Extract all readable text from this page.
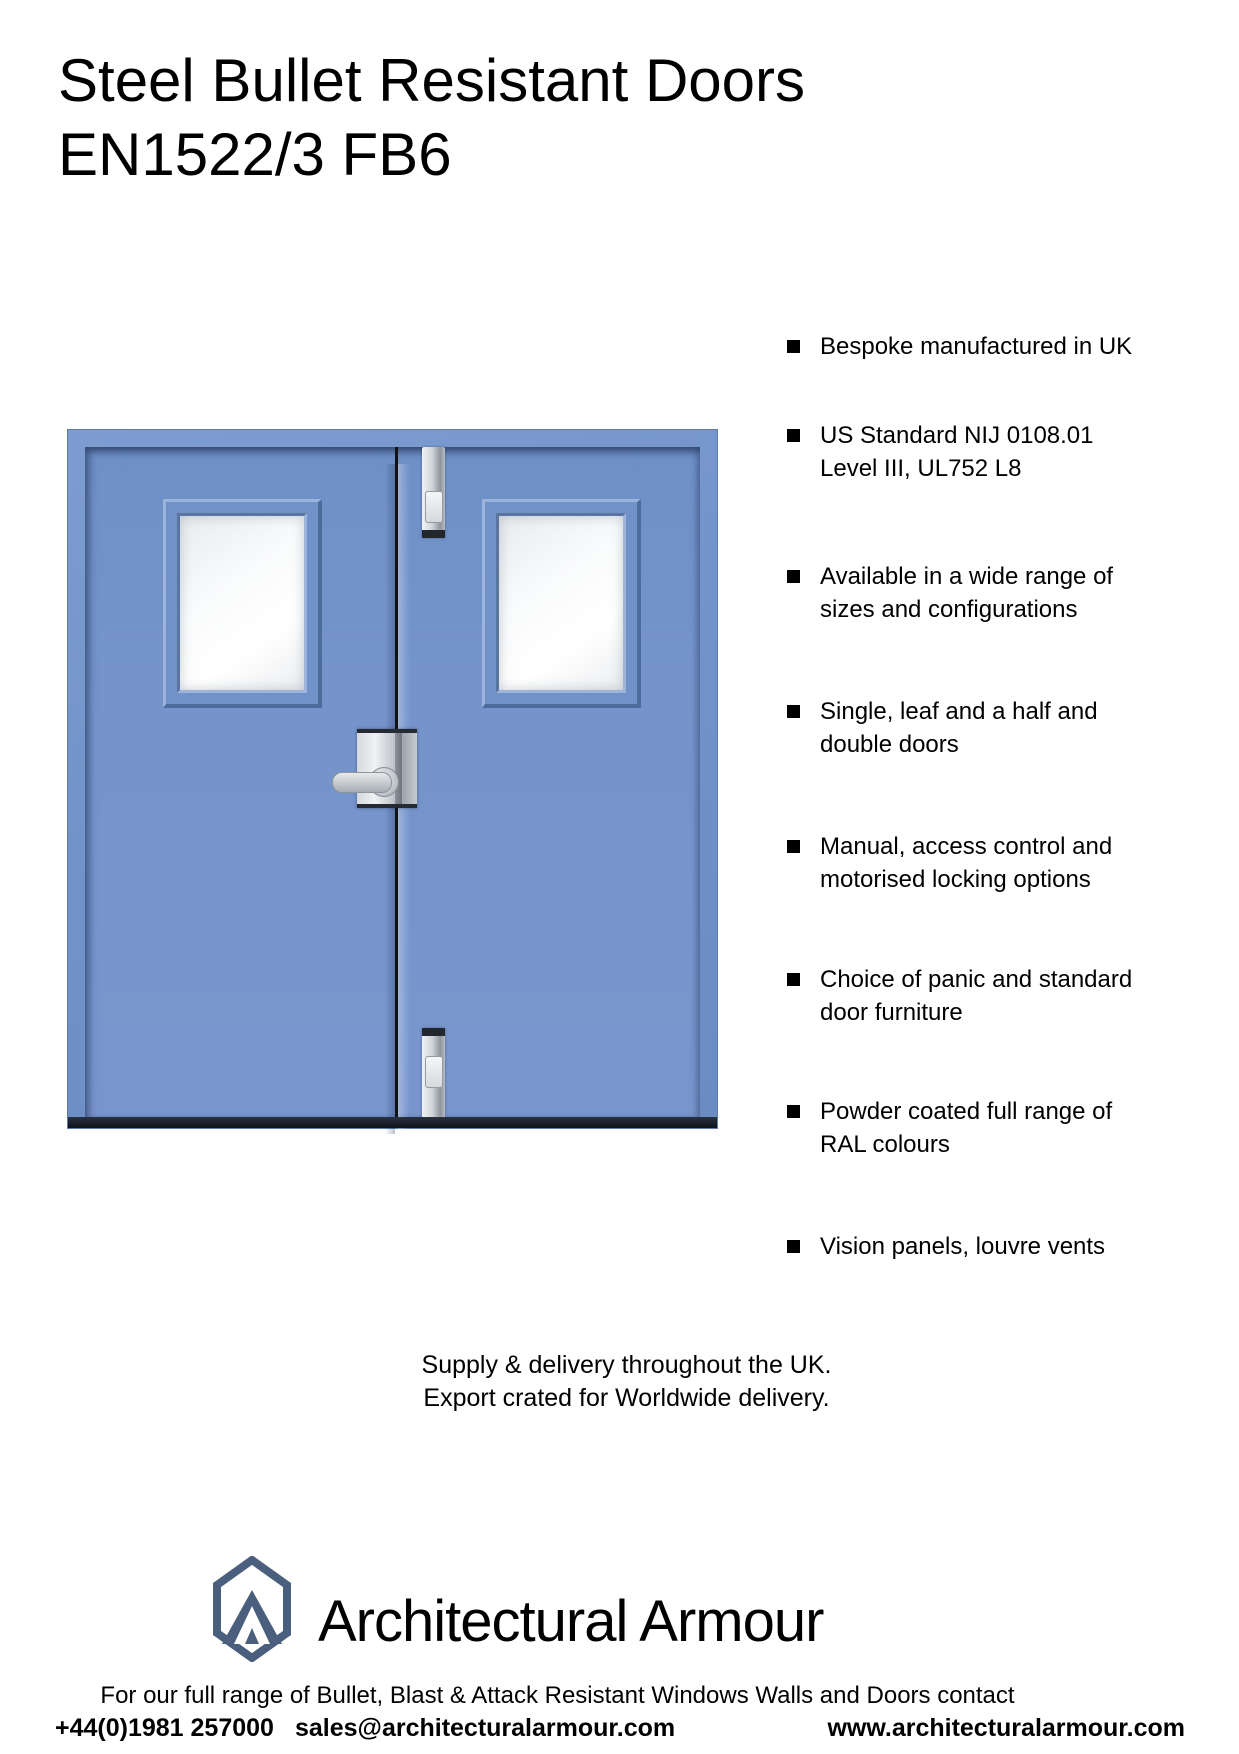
Steel Bullet Resistant Doors
EN1522/3 FB6
Bespoke manufactured in UK

US Standard NIJ 0108.01
Level III, UL752 L8
Available in a wide range of
sizes and configurations
Single, leaf and a half and
double doors
Manual, access control and
motorised locking options
Choice of panic and standard
door furniture
Powder coated full range of
RAL colours
Vision panels, louvre vents

Supply & delivery throughout the UK.
Export crated for Worldwide delivery.
Architectural Armour
For our full range of Bullet, Blast & Attack Resistant Windows Walls and Doors contact
+44(0)1981 257000 sales@architecturalarmour.com	www.architecturalarmour.com
